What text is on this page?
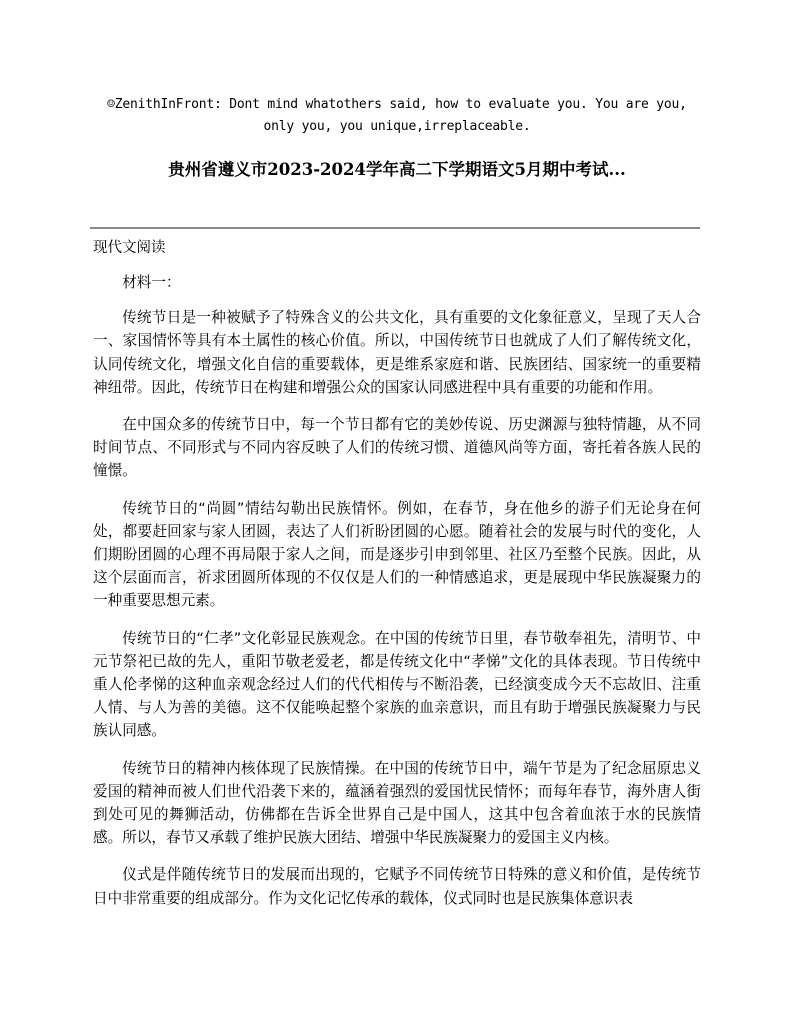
☺ZenithInFront: Dont mind whatothers said, how to evaluate you. You are you,
only you, you unique,irreplaceable.
贵州省遵义市2023-2024学年高二下学期语文5月期中考试...
现代文阅读

材料一：

传统节日是一种被赋予了特殊含义的公共文化，具有重要的文化象征意义，呈现了天人合一、家国情怀等具有本土属性的核心价值。所以，中国传统节日也就成了人们了解传统文化，认同传统文化，增强文化自信的重要载体，更是维系家庭和谐、民族团结、国家统一的重要精神纽带。因此，传统节日在构建和增强公众的国家认同感进程中具有重要的功能和作用。

在中国众多的传统节日中，每一个节日都有它的美妙传说、历史渊源与独特情趣，从不同时间节点、不同形式与不同内容反映了人们的传统习惯、道德风尚等方面，寄托着各族人民的憧憬。

传统节日的“尚圆”情结勾勒出民族情怀。例如，在春节，身在他乡的游子们无论身在何处，都要赶回家与家人团圆，表达了人们祈盼团圆的心愿。随着社会的发展与时代的变化，人们期盼团圆的心理不再局限于家人之间，而是逐步引申到邻里、社区乃至整个民族。因此，从这个层面而言，祈求团圆所体现的不仅仅是人们的一种情感追求，更是展现中华民族凝聚力的一种重要思想元素。

传统节日的“仁孝”文化彰显民族观念。在中国的传统节日里，春节敬奉祖先，清明节、中元节祭祀已故的先人，重阳节敬老爱老，都是传统文化中“孝悌”文化的具体表现。节日传统中重人伦孝悌的这种血亲观念经过人们的代代相传与不断沿袭，已经演变成今天不忘故旧、注重人情、与人为善的美德。这不仅能唤起整个家族的血亲意识，而且有助于增强民族凝聚力与民族认同感。

传统节日的精神内核体现了民族情操。在中国的传统节日中，端午节是为了纪念屈原忠义爱国的精神而被人们世代沿袭下来的，蕴涵着强烈的爱国忧民情怀；而每年春节，海外唐人街到处可见的舞狮活动，仿佛都在告诉全世界自己是中国人，这其中包含着血浓于水的民族情感。所以，春节又承载了维护民族大团结、增强中华民族凝聚力的爱国主义内核。

仪式是伴随传统节日的发展而出现的，它赋予不同传统节日特殊的意义和价值，是传统节日中非常重要的组成部分。作为文化记忆传承的载体，仪式同时也是民族集体意识表
